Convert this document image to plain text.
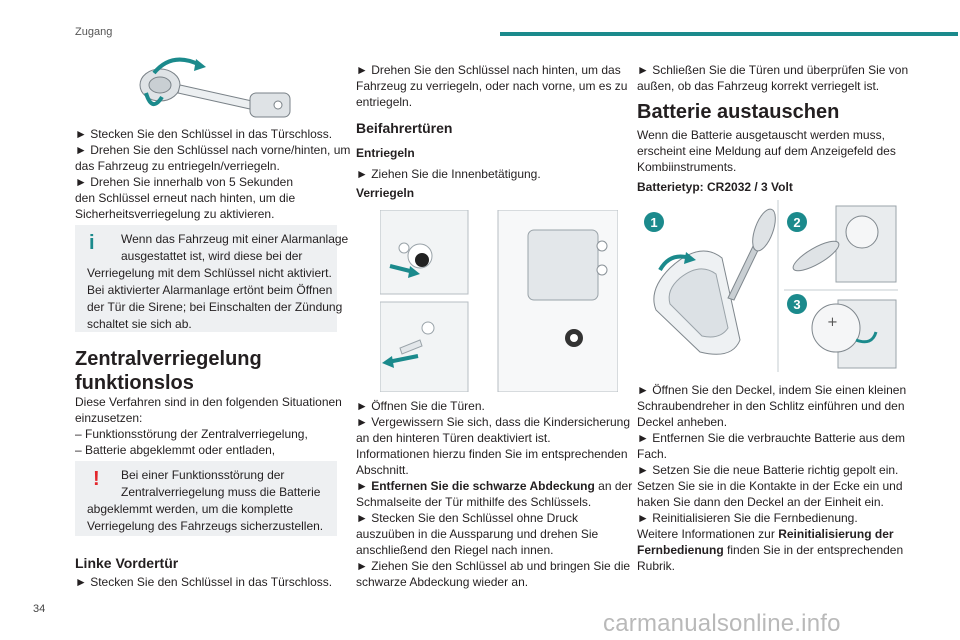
Zugang
► Stecken Sie den Schlüssel in das Türschloss.
► Drehen Sie den Schlüssel nach vorne/hinten, um
das Fahrzeug zu entriegeln/verriegeln.
► Drehen Sie innerhalb von 5 Sekunden
den Schlüssel erneut nach hinten, um die
Sicherheitsverriegelung zu aktivieren.
i	Wenn das Fahrzeug mit einer Alarmanlage
ausgestattet ist, wird diese bei der
Verriegelung mit dem Schlüssel nicht aktiviert.
Bei aktivierter Alarmanlage ertönt beim Öffnen
der Tür die Sirene; bei Einschalten der Zündung
schaltet sie sich ab.
Zentralverriegelung
funktionslos
Diese Verfahren sind in den folgenden Situationen
einzusetzen:
– Funktionsstörung der Zentralverriegelung,
– Batterie abgeklemmt oder entladen,
!	Bei einer Funktionsstörung der
Zentralverriegelung muss die Batterie
abgeklemmt werden, um die komplette
Verriegelung des Fahrzeugs sicherzustellen.
Linke Vordertür
► Stecken Sie den Schlüssel in das Türschloss.
► Drehen Sie den Schlüssel nach hinten, um das
Fahrzeug zu verriegeln, oder nach vorne, um es zu
entriegeln.
Beifahrertüren
Entriegeln
► Ziehen Sie die Innenbetätigung.
Verriegeln
► Öffnen Sie die Türen.
► Vergewissern Sie sich, dass die Kindersicherung
an den hinteren Türen deaktiviert ist.
Informationen hierzu finden Sie im entsprechenden
Abschnitt.
► Entfernen Sie die schwarze Abdeckung an der
Schmalseite der Tür mithilfe des Schlüssels.
► Stecken Sie den Schlüssel ohne Druck
auszuüben in die Aussparung und drehen Sie
anschließend den Riegel nach innen.
► Ziehen Sie den Schlüssel ab und bringen Sie die
schwarze Abdeckung wieder an.
► Schließen Sie die Türen und überprüfen Sie von
außen, ob das Fahrzeug korrekt verriegelt ist.
Batterie austauschen
Wenn die Batterie ausgetauscht werden muss,
erscheint eine Meldung auf dem Anzeigefeld des
Kombiinstruments.
Batterietyp: CR2032 / 3 Volt
+
1	2
3
► Öffnen Sie den Deckel, indem Sie einen kleinen
Schraubendreher in den Schlitz einführen und den
Deckel anheben.
► Entfernen Sie die verbrauchte Batterie aus dem
Fach.
► Setzen Sie die neue Batterie richtig gepolt ein.
Setzen Sie sie in die Kontakte in der Ecke ein und
haken Sie dann den Deckel an der Einheit ein.
► Reinitialisieren Sie die Fernbedienung.
Weitere Informationen zur Reinitialisierung der
Fernbedienung finden Sie in der entsprechenden
Rubrik.
34
carmanualsonline.info
